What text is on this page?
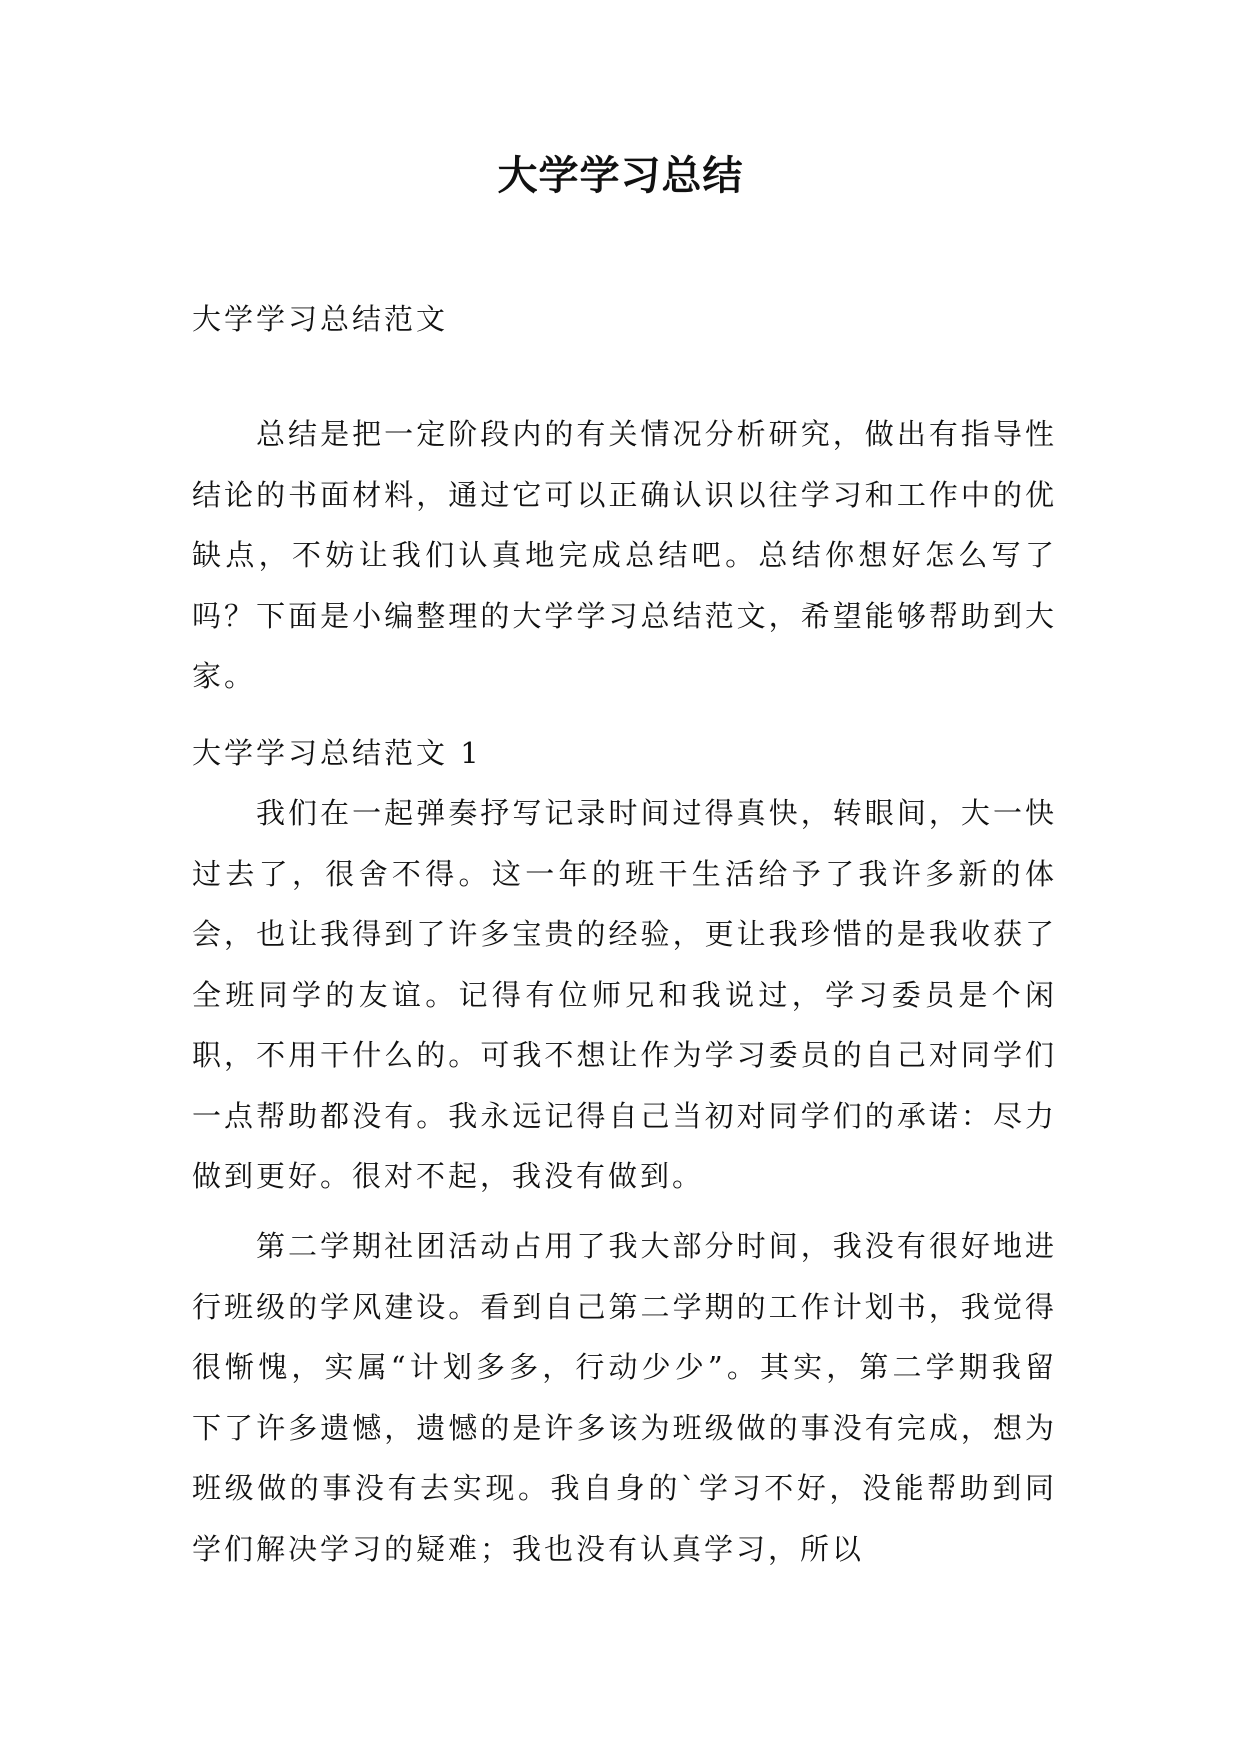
大学学习总结
大学学习总结范文

总结是把一定阶段内的有关情况分析研究，做出有指导性结论的书面材料，通过它可以正确认识以往学习和工作中的优缺点，不妨让我们认真地完成总结吧。总结你想好怎么写了吗？下面是小编整理的大学学习总结范文，希望能够帮助到大家。

大学学习总结范文 1

我们在一起弹奏抒写记录时间过得真快，转眼间，大一快过去了，很舍不得。这一年的班干生活给予了我许多新的体会，也让我得到了许多宝贵的经验，更让我珍惜的是我收获了全班同学的友谊。记得有位师兄和我说过，学习委员是个闲职，不用干什么的。可我不想让作为学习委员的自己对同学们一点帮助都没有。我永远记得自己当初对同学们的承诺：尽力做到更好。很对不起，我没有做到。

第二学期社团活动占用了我大部分时间，我没有很好地进行班级的学风建设。看到自己第二学期的工作计划书，我觉得很惭愧，实属“计划多多，行动少少”。其实，第二学期我留下了许多遗憾，遗憾的是许多该为班级做的事没有完成，想为班级做的事没有去实现。我自身的`学习不好，没能帮助到同学们解决学习的疑难；我也没有认真学习，所以
